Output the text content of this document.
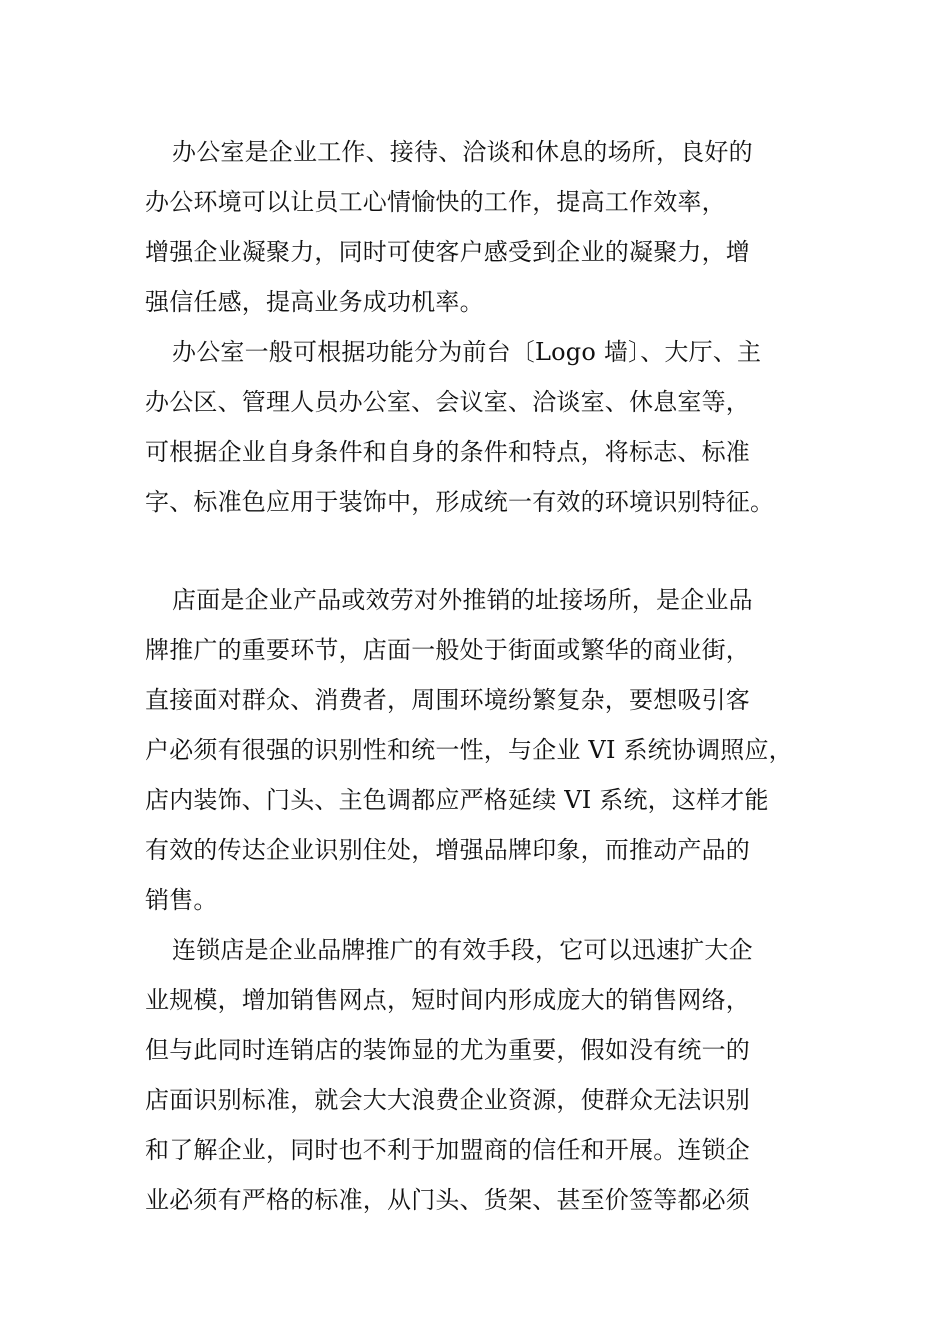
办公室是企业工作、接待、洽谈和休息的场所，良好的
办公环境可以让员工心情愉快的工作，提高工作效率，
增强企业凝聚力，同时可使客户感受到企业的凝聚力，增
强信任感，提高业务成功机率。
办公室一般可根据功能分为前台〔Logo 墙〕、大厅、主
办公区、管理人员办公室、会议室、洽谈室、休息室等，
可根据企业自身条件和自身的条件和特点，将标志、标准
字、标准色应用于装饰中，形成统一有效的环境识别特征。
店面是企业产品或效劳对外推销的址接场所，是企业品
牌推广的重要环节，店面一般处于街面或繁华的商业街，
直接面对群众、消费者，周围环境纷繁复杂，要想吸引客
户必须有很强的识别性和统一性，与企业 VI 系统协调照应，
店内装饰、门头、主色调都应严格延续 VI 系统，这样才能
有效的传达企业识别住处，增强品牌印象，而推动产品的
销售。
连锁店是企业品牌推广的有效手段，它可以迅速扩大企
业规模，增加销售网点，短时间内形成庞大的销售网络，
但与此同时连销店的装饰显的尤为重要，假如没有统一的
店面识别标准，就会大大浪费企业资源，使群众无法识别
和了解企业，同时也不利于加盟商的信任和开展。连锁企
业必须有严格的标准，从门头、货架、甚至价签等都必须
